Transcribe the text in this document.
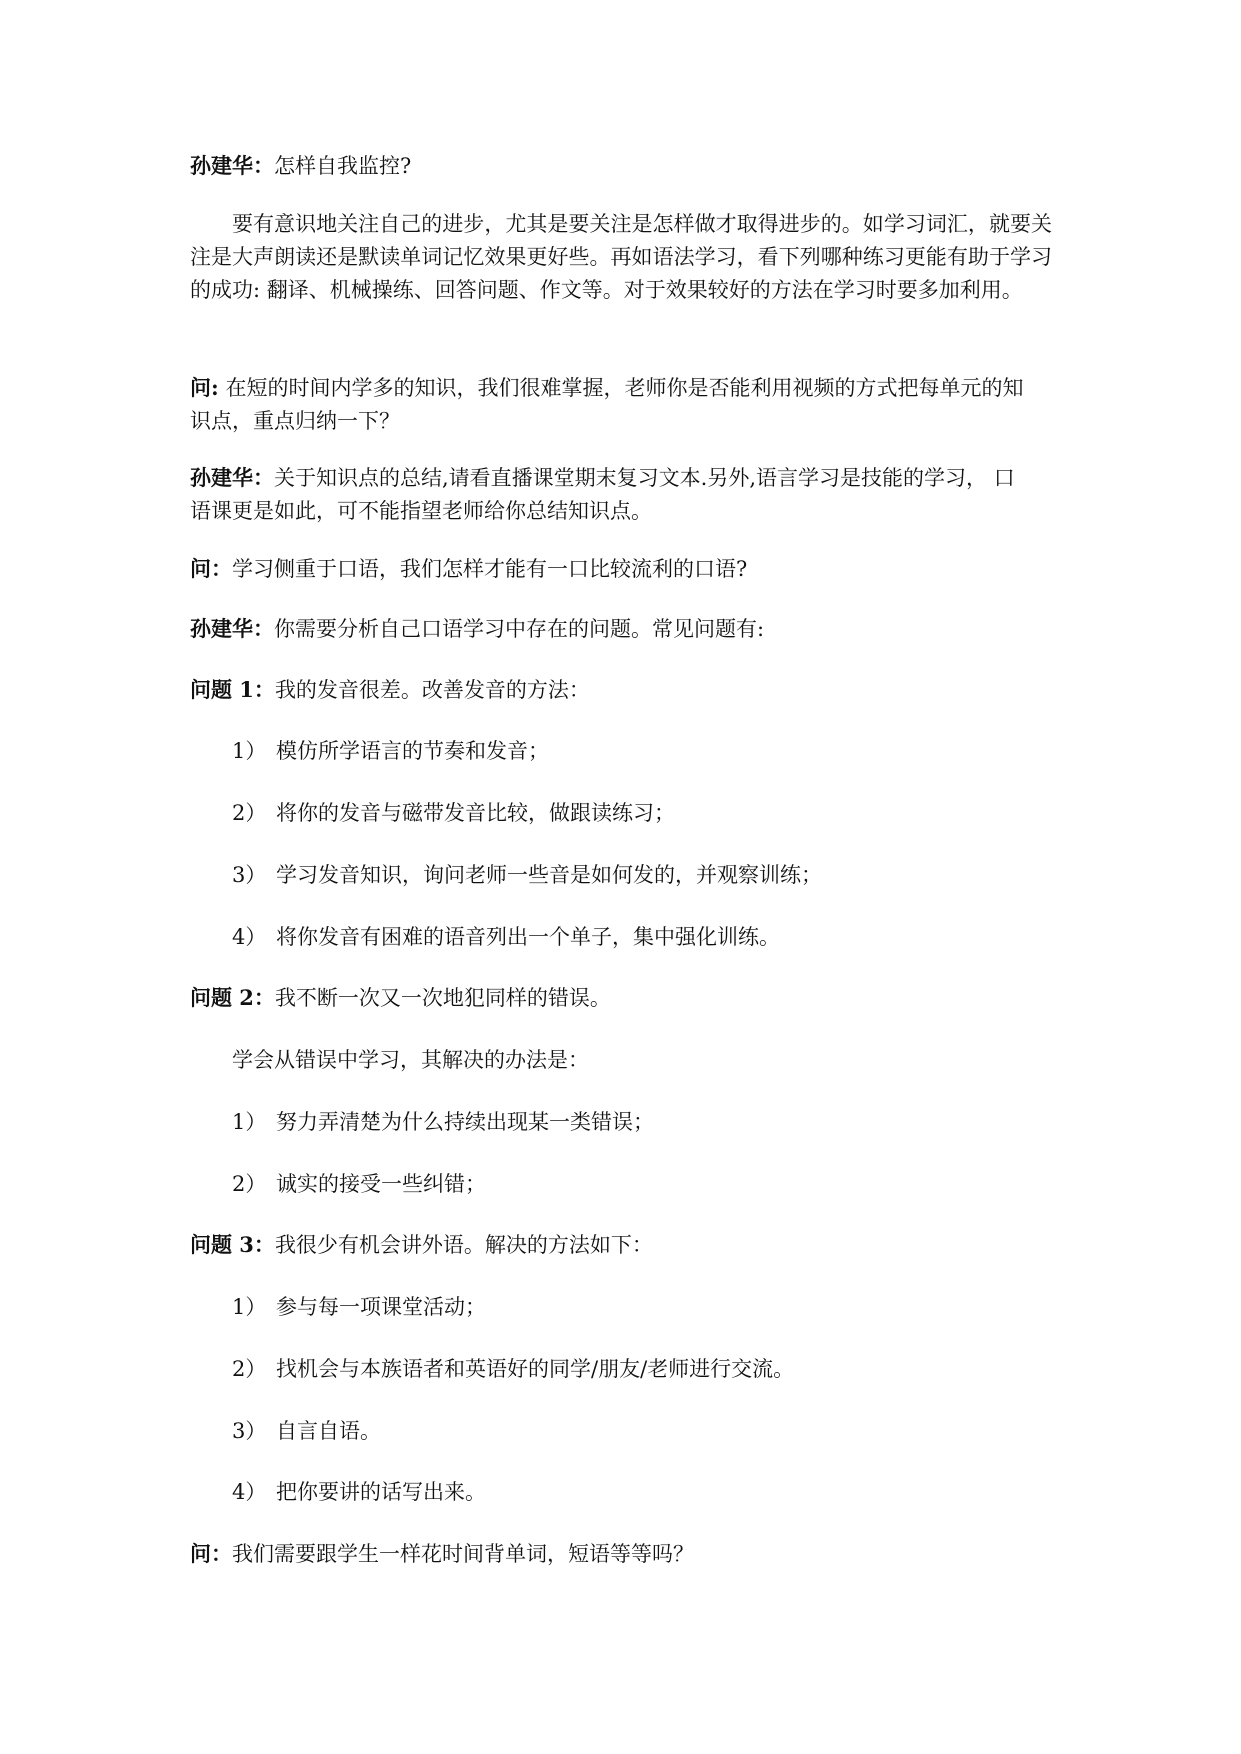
孙建华：怎样自我监控?

要有意识地关注自己的进步，尤其是要关注是怎样做才取得进步的。如学习词汇，就要关注是大声朗读还是默读单词记忆效果更好些。再如语法学习，看下列哪种练习更能有助于学习的成功: 翻译、机械操练、回答问题、作文等。对于效果较好的方法在学习时要多加利用。

问: 在短的时间内学多的知识，我们很难掌握，老师你是否能利用视频的方式把每单元的知
识点，重点归纳一下？
孙建华：关于知识点的总结,请看直播课堂期末复习文本.另外,语言学习是技能的学习， 口
语课更是如此，可不能指望老师给你总结知识点。
问：学习侧重于口语，我们怎样才能有一口比较流利的口语?
孙建华：你需要分析自己口语学习中存在的问题。常见问题有:
问题 1：我的发音很差。改善发音的方法：
1） 模仿所学语言的节奏和发音；
2） 将你的发音与磁带发音比较，做跟读练习；
3） 学习发音知识，询问老师一些音是如何发的，并观察训练；
4） 将你发音有困难的语音列出一个单子，集中强化训练。
问题 2：我不断一次又一次地犯同样的错误。
学会从错误中学习，其解决的办法是：
1） 努力弄清楚为什么持续出现某一类错误；
2） 诚实的接受一些纠错；
问题 3：我很少有机会讲外语。解决的方法如下：
1） 参与每一项课堂活动；
2） 找机会与本族语者和英语好的同学/朋友/老师进行交流。
3） 自言自语。
4） 把你要讲的话写出来。
问：我们需要跟学生一样花时间背单词，短语等等吗？
